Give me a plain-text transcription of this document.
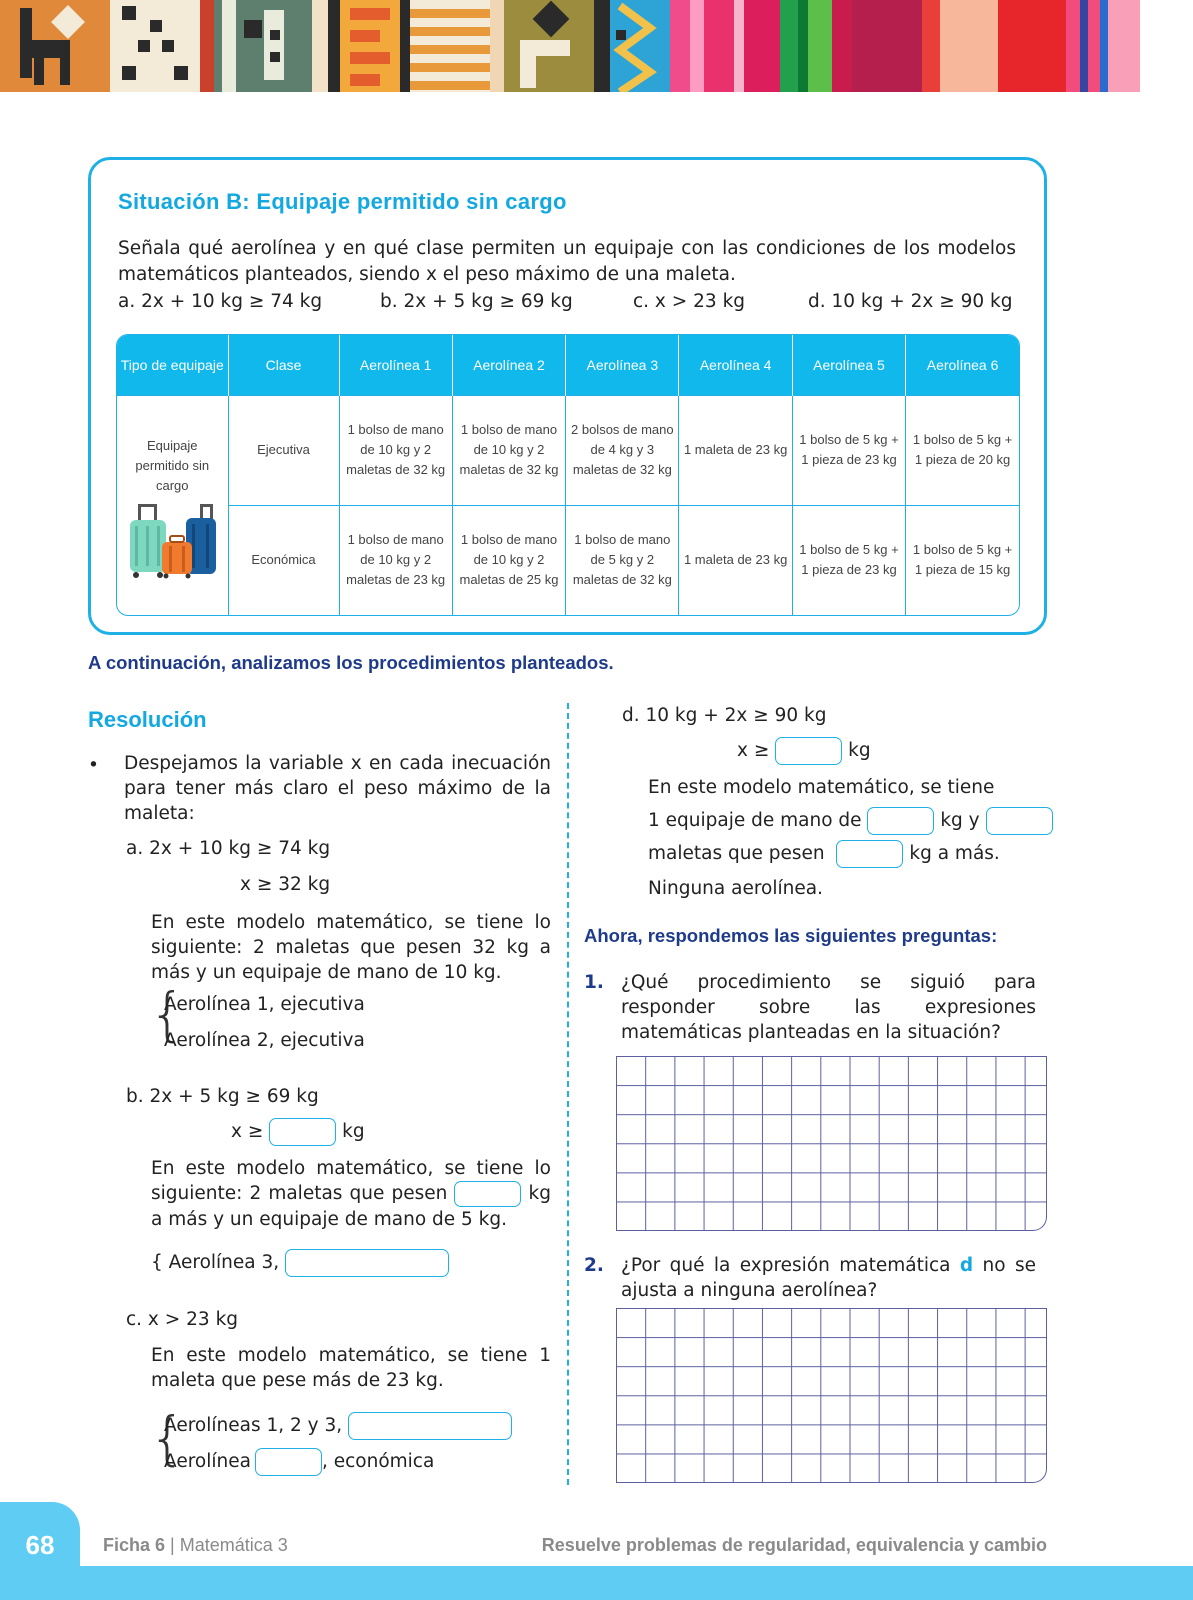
Situación B: Equipaje permitido sin cargo
Señala qué aerolínea y en qué clase permiten un equipaje con las condiciones de los modelos matemáticos planteados, siendo x el peso máximo de una maleta.
a. 2x + 10 kg ≥ 74 kg	b. 2x + 5 kg ≥ 69 kg	c. x > 23 kg	d. 10 kg + 2x ≥ 90 kg
Tipo de equipaje	Clase	Aerolínea 1	Aerolínea 2	Aerolínea 3	Aerolínea 4	Aerolínea 5	Aerolínea 6

Equipaje permitido sin cargo	Ejecutiva	1 bolso de mano de 10 kg y 2 maletas de 32 kg	1 bolso de mano de 10 kg y 2 maletas de 32 kg	2 bolsos de mano de 4 kg y 3 maletas de 32 kg	1 maleta de 23 kg	1 bolso de 5 kg + 1 pieza de 23 kg	1 bolso de 5 kg + 1 pieza de 20 kg
	Económica	1 bolso de mano de 10 kg y 2 maletas de 23 kg	1 bolso de mano de 10 kg y 2 maletas de 25 kg	1 bolso de mano de 5 kg y 2 maletas de 32 kg	1 maleta de 23 kg	1 bolso de 5 kg + 1 pieza de 23 kg	1 bolso de 5 kg + 1 pieza de 15 kg
A continuación, analizamos los procedimientos planteados.
Resolución
• Despejamos la variable x en cada inecuación para tener más claro el peso máximo de la maleta:
a. 2x + 10 kg ≥ 74 kg
x ≥ 32 kg
En este modelo matemático, se tiene lo siguiente: 2 maletas que pesen 32 kg a más y un equipaje de mano de 10 kg.
{
Aerolínea 1, ejecutiva
Aerolínea 2, ejecutiva
b. 2x + 5 kg ≥ 69 kg
x ≥	kg
En este modelo matemático, se tiene lo siguiente: 2 maletas que pesen	kg a más y un equipaje de mano de 5 kg.
{ Aerolínea 3,
c. x > 23 kg
En este modelo matemático, se tiene 1 maleta que pese más de 23 kg.
{
Aerolíneas 1, 2 y 3,
Aerolínea	, económica
d. 10 kg + 2x ≥ 90 kg
x ≥	kg
En este modelo matemático, se tiene
1 equipaje de mano de	kg y
maletas que pesen	kg a más.
Ninguna aerolínea.
Ahora, respondemos las siguientes preguntas:
1. ¿Qué procedimiento se siguió para responder sobre las expresiones matemáticas planteadas en la situación?
2. ¿Por qué la expresión matemática d no se ajusta a ninguna aerolínea?
68	Ficha 6 | Matemática 3	Resuelve problemas de regularidad, equivalencia y cambio
